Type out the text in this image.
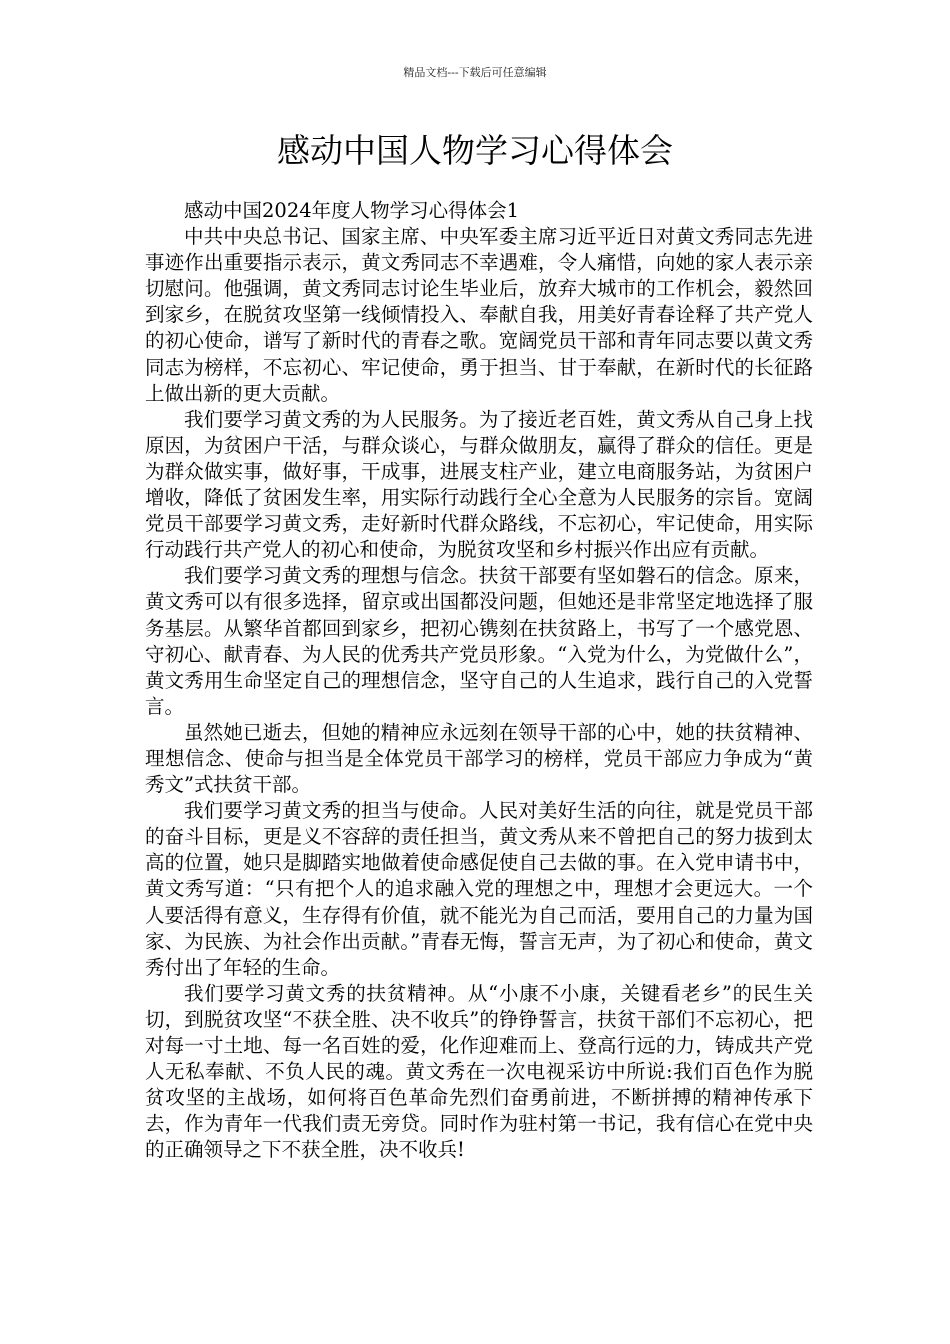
精品文档---下载后可任意编辑
感动中国人物学习心得体会

感动中国2024年度人物学习心得体会1

中共中央总书记、国家主席、中央军委主席习近平近日对黄文秀同志先进事迹作出重要指示表示，黄文秀同志不幸遇难，令人痛惜，向她的家人表示亲切慰问。他强调，黄文秀同志讨论生毕业后，放弃大城市的工作机会，毅然回到家乡，在脱贫攻坚第一线倾情投入、奉献自我，用美好青春诠释了共产党人的初心使命，谱写了新时代的青春之歌。宽阔党员干部和青年同志要以黄文秀同志为榜样，不忘初心、牢记使命，勇于担当、甘于奉献，在新时代的长征路上做出新的更大贡献。

我们要学习黄文秀的为人民服务。为了接近老百姓，黄文秀从自己身上找原因，为贫困户干活，与群众谈心，与群众做朋友，赢得了群众的信任。更是为群众做实事，做好事，干成事，进展支柱产业，建立电商服务站，为贫困户增收，降低了贫困发生率，用实际行动践行全心全意为人民服务的宗旨。宽阔党员干部要学习黄文秀，走好新时代群众路线，不忘初心，牢记使命，用实际行动践行共产党人的初心和使命，为脱贫攻坚和乡村振兴作出应有贡献。

我们要学习黄文秀的理想与信念。扶贫干部要有坚如磐石的信念。原来，黄文秀可以有很多选择，留京或出国都没问题，但她还是非常坚定地选择了服务基层。从繁华首都回到家乡，把初心镌刻在扶贫路上，书写了一个感党恩、守初心、献青春、为人民的优秀共产党员形象。“入党为什么，为党做什么”，黄文秀用生命坚定自己的理想信念，坚守自己的人生追求，践行自己的入党誓言。

虽然她已逝去，但她的精神应永远刻在领导干部的心中，她的扶贫精神、理想信念、使命与担当是全体党员干部学习的榜样，党员干部应力争成为“黄秀文”式扶贫干部。

我们要学习黄文秀的担当与使命。人民对美好生活的向往，就是党员干部的奋斗目标，更是义不容辞的责任担当，黄文秀从来不曾把自己的努力拔到太高的位置，她只是脚踏实地做着使命感促使自己去做的事。在入党申请书中，黄文秀写道：“只有把个人的追求融入党的理想之中，理想才会更远大。一个人要活得有意义，生存得有价值，就不能光为自己而活，要用自己的力量为国家、为民族、为社会作出贡献。”青春无悔，誓言无声，为了初心和使命，黄文秀付出了年轻的生命。

我们要学习黄文秀的扶贫精神。从“小康不小康，关键看老乡”的民生关切，到脱贫攻坚“不获全胜、决不收兵”的铮铮誓言，扶贫干部们不忘初心，把对每一寸土地、每一名百姓的爱，化作迎难而上、登高行远的力，铸成共产党人无私奉献、不负人民的魂。黄文秀在一次电视采访中所说:我们百色作为脱贫攻坚的主战场，如何将百色革命先烈们奋勇前进，不断拼搏的精神传承下去，作为青年一代我们责无旁贷。同时作为驻村第一书记，我有信心在党中央的正确领导之下不获全胜，决不收兵!
